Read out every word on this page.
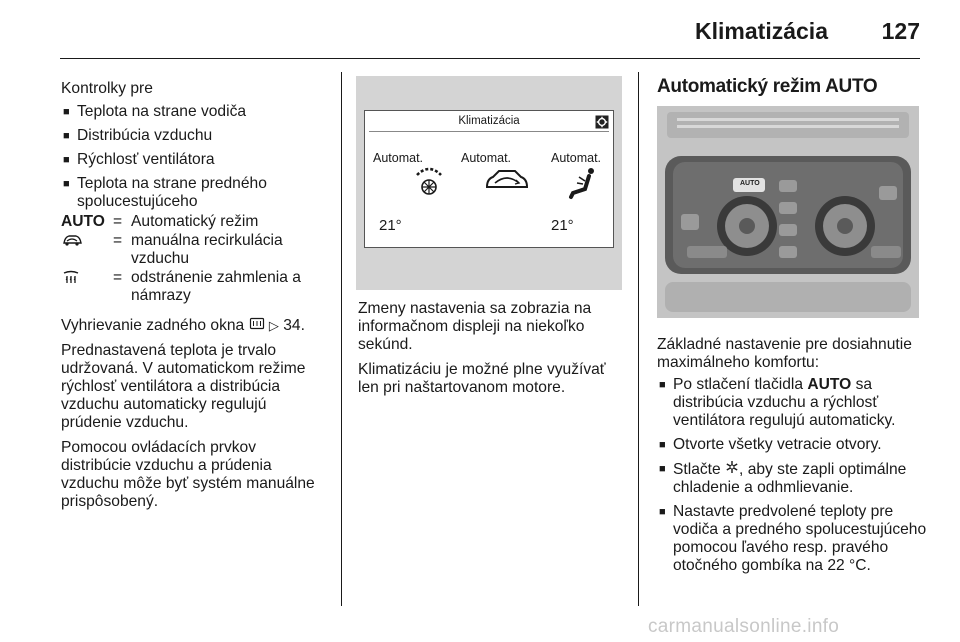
Klimatizácia 127

Kontrolky pre

■ Teplota na strane vodiča
■ Distribúcia vzduchu
■ Rýchlosť ventilátora
■ Teplota na strane predného spolucestujúceho
AUTO = Automatický režim
= manuálna recirkulácia vzduchu
= odstránenie zahmlenia a námrazy

Vyhrievanie zadného okna ▷ 34.

Prednastavená teplota je trvalo udržovaná. V automatickom režime rýchlosť ventilátora a distribúcia vzduchu automaticky regulujú prúdenie vzduchu.

Pomocou ovládacích prvkov distribúcie vzduchu a prúdenia vzduchu môže byť systém manuálne prispôsobený.

Klimatizácia
Automat.	Automat.	Automat.
21°	21°

Zmeny nastavenia sa zobrazia na informačnom displeji na niekoľko sekúnd.

Klimatizáciu je možné plne využívať len pri naštartovanom motore.

Automatický režim AUTO
AUTO

Základné nastavenie pre dosiahnutie maximálneho komfortu:

■ Po stlačení tlačidla AUTO sa distribúcia vzduchu a rýchlosť ventilátora regulujú automaticky.
■ Otvorte všetky vetracie otvory.
■ Stlačte , aby ste zapli optimálne chladenie a odhmlievanie.
■ Nastavte predvolené teploty pre vodiča a predného spolucestujúceho pomocou ľavého resp. pravého otočného gombíka na 22 °C.
carmanualsonline.info
